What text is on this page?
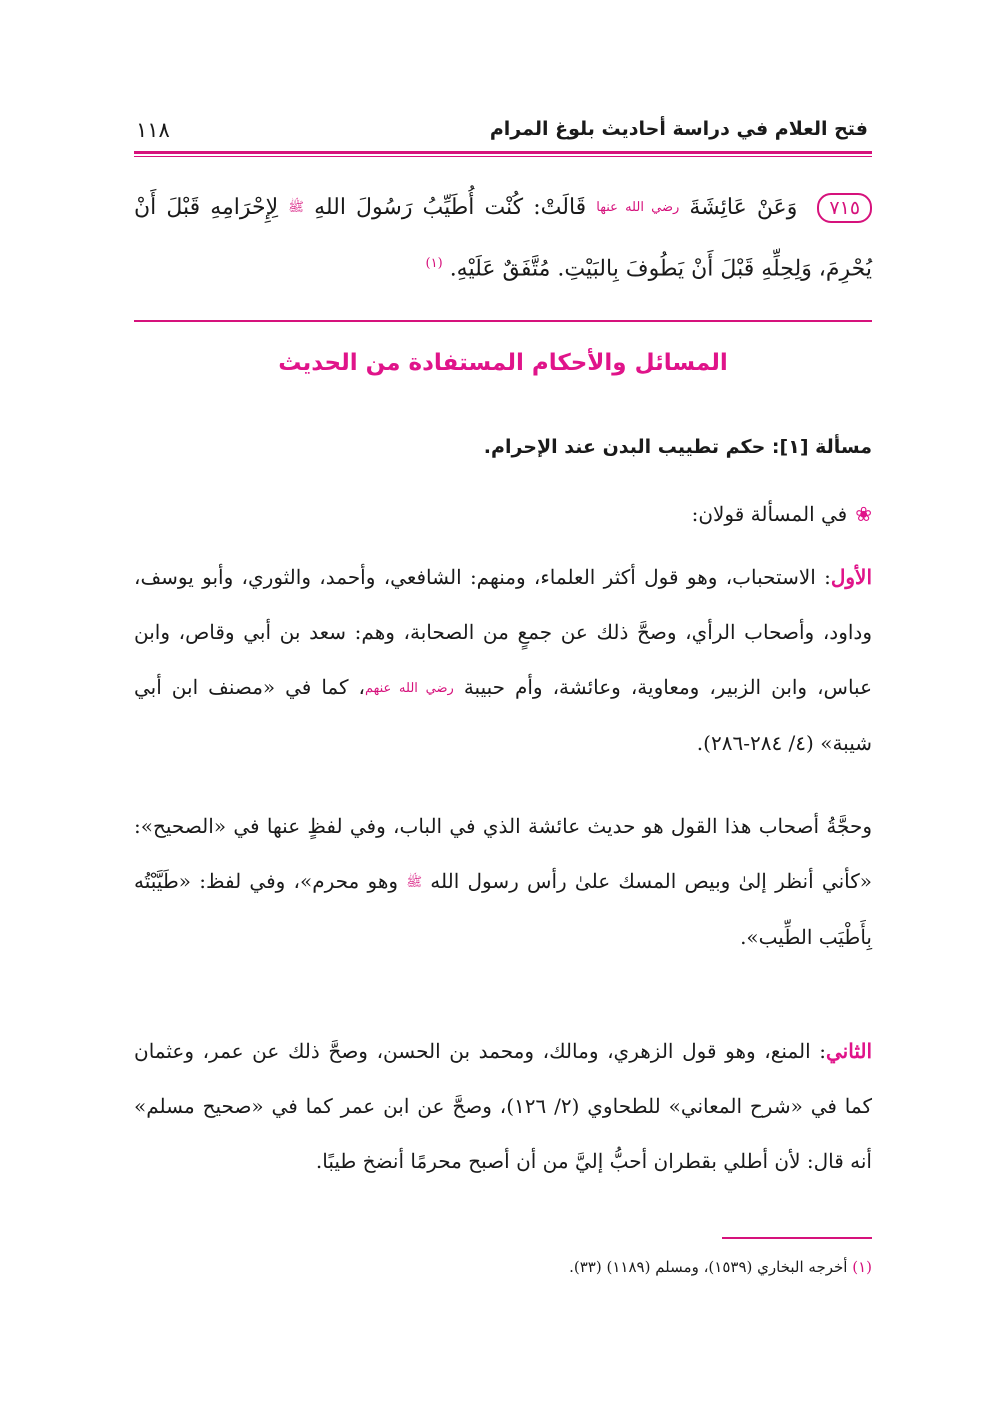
فتح العلام في دراسة أحاديث بلوغ المرام
١١٨
٧١٥ وَعَنْ عَائِشَةَ رضي الله عنها قَالَتْ: كُنْت أُطَيِّبُ رَسُولَ اللهِ ﷺ لِإِحْرَامِهِ قَبْلَ أَنْ يُحْرِمَ، وَلِحِلِّهِ قَبْلَ أَنْ يَطُوفَ بِالبَيْتِ. مُتَّفَقٌ عَلَيْهِ. $^{(١)}$
المسائل والأحكام المستفادة من الحديث
مسألة [١]: حكم تطييب البدن عند الإحرام.
❀في المسألة قولان:
الأول: الاستحباب، وهو قول أكثر العلماء، ومنهم: الشافعي، وأحمد، والثوري، وأبو يوسف، وداود، وأصحاب الرأي، وصحَّ ذلك عن جمعٍ من الصحابة، وهم: سعد بن أبي وقاص، وابن عباس، وابن الزبير، ومعاوية، وعائشة، وأم حبيبة رضي الله عنهم، كما في «مصنف ابن أبي شيبة» (٤/ ٢٨٤-٢٨٦).
وحجَّةُ أصحاب هذا القول هو حديث عائشة الذي في الباب، وفي لفظٍ عنها في «الصحيح»: «كأني أنظر إلىٰ وبيص المسك علىٰ رأس رسول الله ﷺ وهو محرم»، وفي لفظ: «طَيَّبْتُه بِأَطْيَب الطِّيب».
الثاني: المنع، وهو قول الزهري، ومالك، ومحمد بن الحسن، وصحَّ ذلك عن عمر، وعثمان كما في «شرح المعاني» للطحاوي (٢/ ١٢٦)، وصحَّ عن ابن عمر كما في «صحيح مسلم» أنه قال: لأن أطلي بقطران أحبُّ إليَّ من أن أصبح محرمًا أنضخ طيبًا.
(١) أخرجه البخاري (١٥٣٩)، ومسلم (١١٨٩) (٣٣).
